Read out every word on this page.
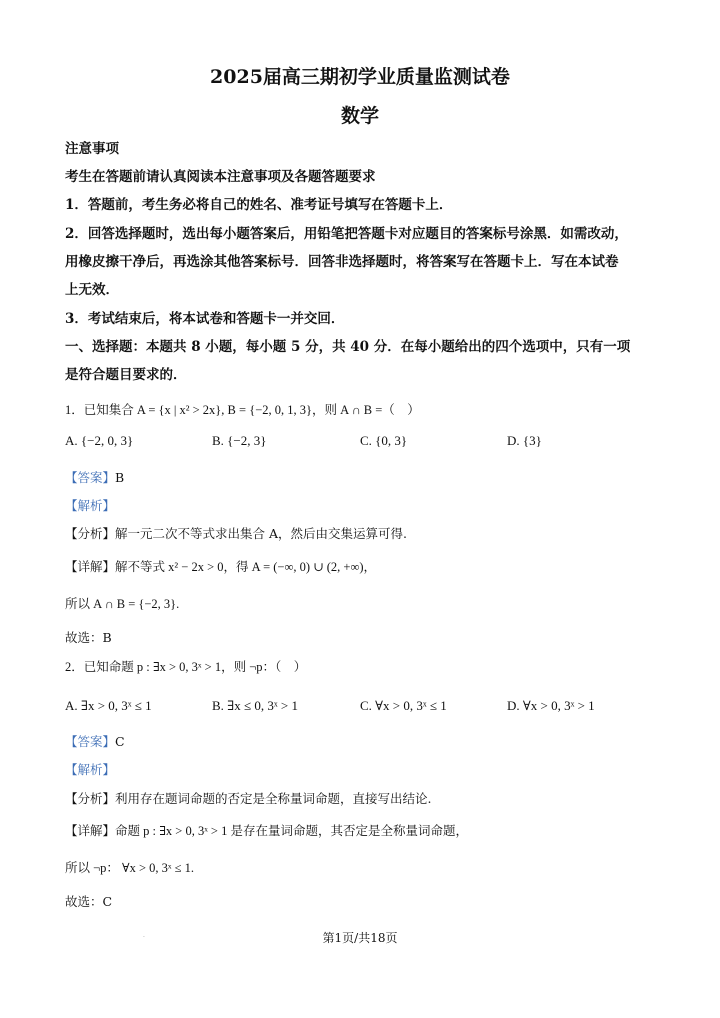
2025届高三期初学业质量监测试卷
数学
注意事项
考生在答题前请认真阅读本注意事项及各题答题要求
1．答题前，考生务必将自己的姓名、准考证号填写在答题卡上．
2．回答选择题时，选出每小题答案后，用铅笔把答题卡对应题目的答案标号涂黑．如需改动，
用橡皮擦干净后，再选涂其他答案标号．回答非选择题时，将答案写在答题卡上．写在本试卷
上无效．
3．考试结束后，将本试卷和答题卡一并交回．
一、选择题：本题共 8 小题，每小题 5 分，共 40 分．在每小题给出的四个选项中，只有一项
是符合题目要求的．
1．已知集合 A = {x | x² > 2x}, B = {−2, 0, 1, 3}，则 A ∩ B =（　）
A. {−2, 0, 3}	B. {−2, 3}	C. {0, 3}	D. {3}
【答案】B
【解析】
【分析】解一元二次不等式求出集合 A，然后由交集运算可得.
【详解】解不等式 x² − 2x > 0，得 A = (−∞, 0) ∪ (2, +∞)，
所以 A ∩ B = {−2, 3}.
故选：B
2．已知命题 p : ∃x > 0, 3ˣ > 1，则 ¬p：（　）
A. ∃x > 0, 3ˣ ≤ 1	B. ∃x ≤ 0, 3ˣ > 1	C. ∀x > 0, 3ˣ ≤ 1	D. ∀x > 0, 3ˣ > 1
【答案】C
【解析】
【分析】利用存在题词命题的否定是全称量词命题，直接写出结论.
【详解】命题 p : ∃x > 0, 3ˣ > 1 是存在量词命题，其否定是全称量词命题，
所以 ¬p： ∀x > 0, 3ˣ ≤ 1.
故选：C
·	第1页/共18页
